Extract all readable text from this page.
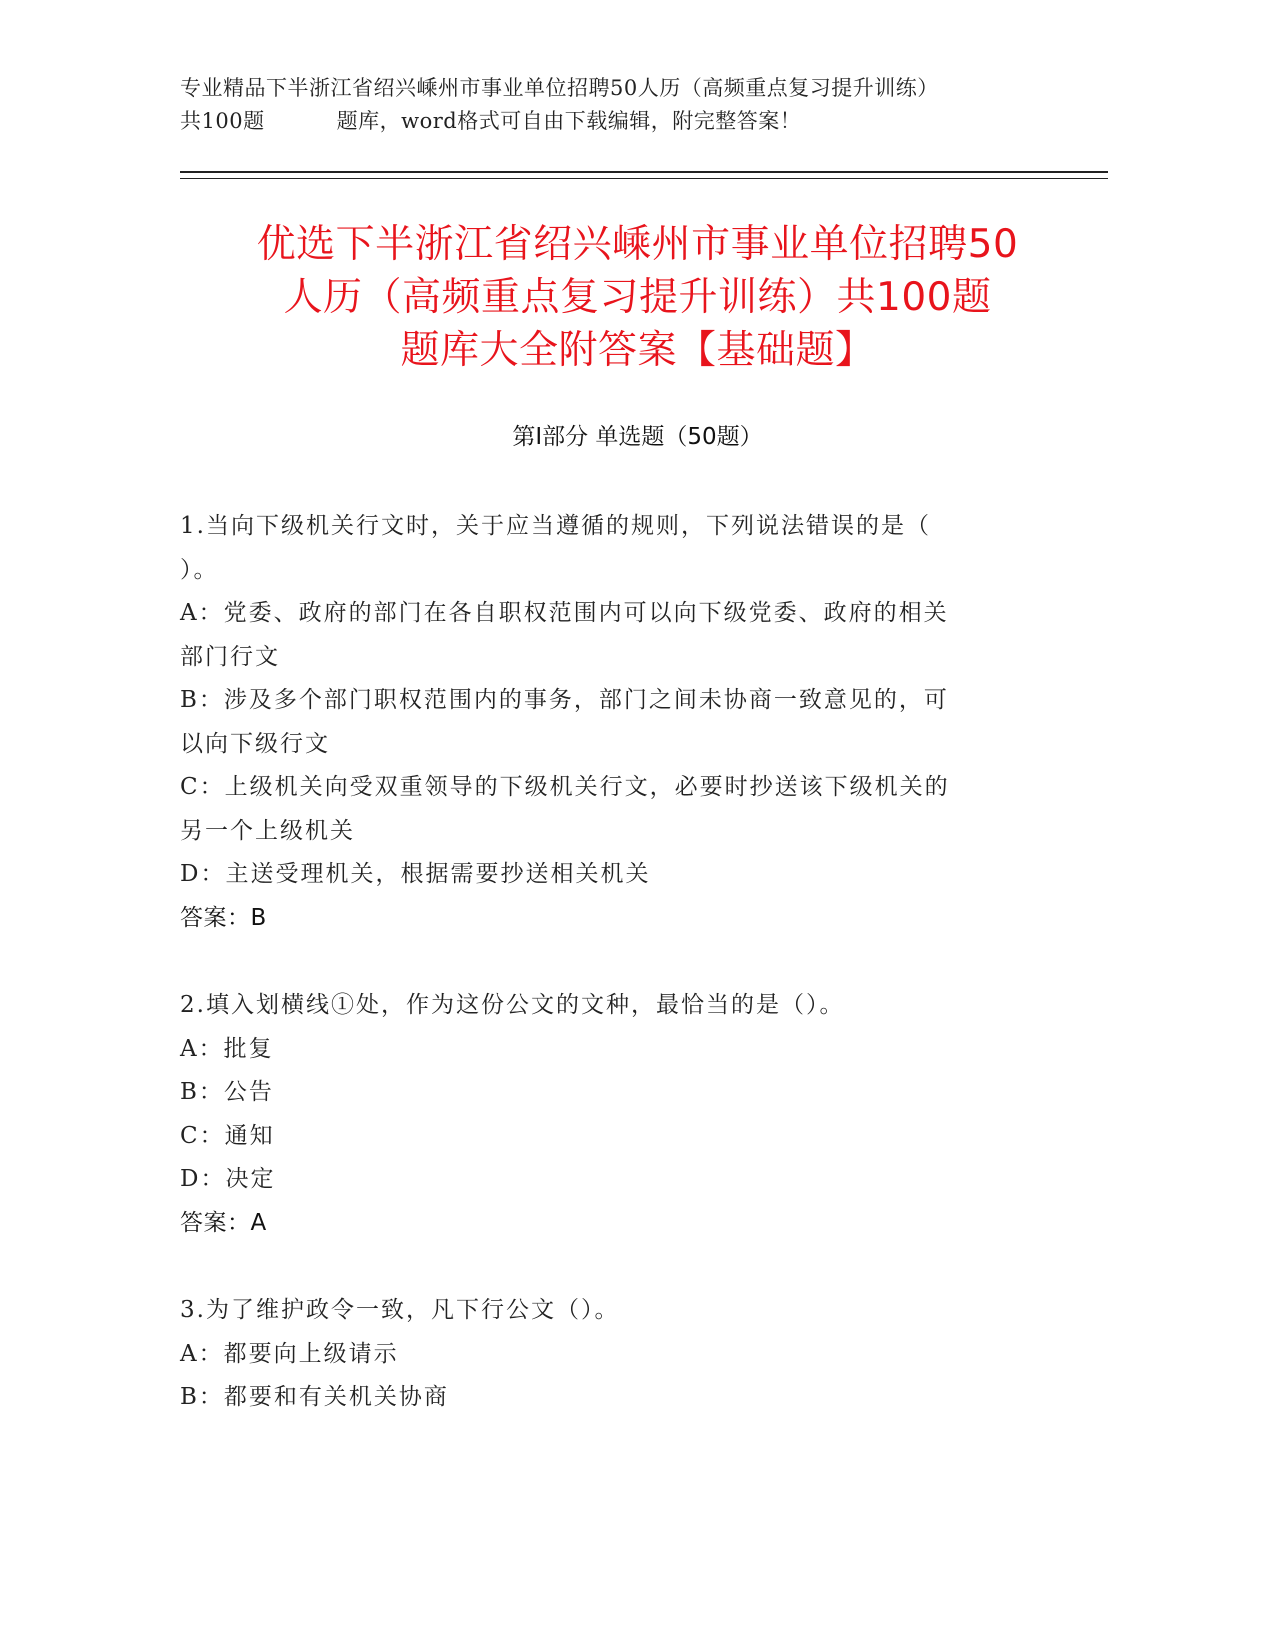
专业精品下半浙江省绍兴嵊州市事业单位招聘50人历（高频重点复习提升训练）
共100题	题库，word格式可自由下载编辑，附完整答案！
优选下半浙江省绍兴嵊州市事业单位招聘50
人历（高频重点复习提升训练）共100题
题库大全附答案【基础题】
第Ⅰ部分 单选题（50题）
1.当向下级机关行文时，关于应当遵循的规则，下列说法错误的是（
）。
A：党委、政府的部门在各自职权范围内可以向下级党委、政府的相关
部门行文
B：涉及多个部门职权范围内的事务，部门之间未协商一致意见的，可
以向下级行文
C：上级机关向受双重领导的下级机关行文，必要时抄送该下级机关的
另一个上级机关
D：主送受理机关，根据需要抄送相关机关
答案：B
2.填入划横线①处，作为这份公文的文种，最恰当的是（）。
A：批复
B：公告
C：通知
D：决定
答案：A
3.为了维护政令一致，凡下行公文（）。
A：都要向上级请示
B：都要和有关机关协商
